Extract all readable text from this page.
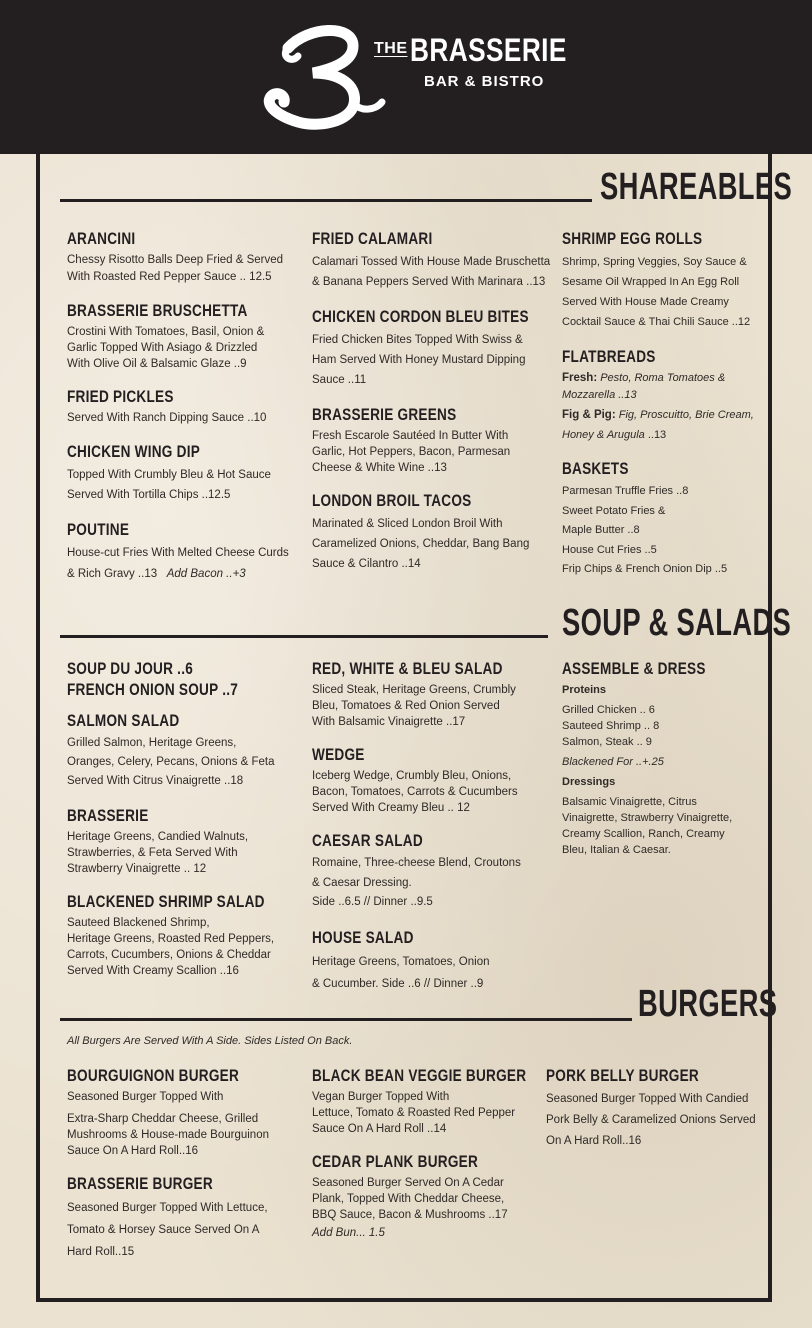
THE BRASSERIE
BAR & BISTRO
SHAREABLES
ARANCINI
Chessy Risotto Balls Deep Fried & Served
With Roasted Red Pepper Sauce .. 12.5
BRASSERIE BRUSCHETTA
Crostini With Tomatoes, Basil, Onion &
Garlic Topped With Asiago & Drizzled
With Olive Oil & Balsamic Glaze ..9
FRIED PICKLES
Served With Ranch Dipping Sauce ..10
CHICKEN WING DIP
Topped With Crumbly Bleu & Hot Sauce
Served With Tortilla Chips ..12.5
POUTINE
House-cut Fries With Melted Cheese Curds
& Rich Gravy ..13 Add Bacon ..+3
FRIED CALAMARI
Calamari Tossed With House Made Bruschetta
& Banana Peppers Served With Marinara ..13
CHICKEN CORDON BLEU BITES
Fried Chicken Bites Topped With Swiss &
Ham Served With Honey Mustard Dipping
Sauce ..11
BRASSERIE GREENS
Fresh Escarole Sautéed In Butter With
Garlic, Hot Peppers, Bacon, Parmesan
Cheese & White Wine ..13
LONDON BROIL TACOS
Marinated & Sliced London Broil With
Caramelized Onions, Cheddar, Bang Bang
Sauce & Cilantro ..14
SHRIMP EGG ROLLS
Shrimp, Spring Veggies, Soy Sauce &
Sesame Oil Wrapped In An Egg Roll
Served With House Made Creamy
Cocktail Sauce & Thai Chili Sauce ..12
FLATBREADS
Fresh: Pesto, Roma Tomatoes &
Mozzarella ..13
Fig & Pig: Fig, Proscuitto, Brie Cream,
Honey & Arugula ..13
BASKETS
Parmesan Truffle Fries ..8
Sweet Potato Fries &
Maple Butter ..8
House Cut Fries ..5
Frip Chips & French Onion Dip ..5
SOUP & SALADS
SOUP DU JOUR ..6
FRENCH ONION SOUP ..7
SALMON SALAD
Grilled Salmon, Heritage Greens,
Oranges, Celery, Pecans, Onions & Feta
Served With Citrus Vinaigrette ..18
BRASSERIE
Heritage Greens, Candied Walnuts,
Strawberries, & Feta Served With
Strawberry Vinaigrette .. 12
BLACKENED SHRIMP SALAD
Sauteed Blackened Shrimp,
Heritage Greens, Roasted Red Peppers,
Carrots, Cucumbers, Onions & Cheddar
Served With Creamy Scallion ..16
RED, WHITE & BLEU SALAD
Sliced Steak, Heritage Greens, Crumbly
Bleu, Tomatoes & Red Onion Served
With Balsamic Vinaigrette ..17
WEDGE
Iceberg Wedge, Crumbly Bleu, Onions,
Bacon, Tomatoes, Carrots & Cucumbers
Served With Creamy Bleu .. 12
CAESAR SALAD
Romaine, Three-cheese Blend, Croutons
& Caesar Dressing.
Side ..6.5 // Dinner ..9.5
HOUSE SALAD
Heritage Greens, Tomatoes, Onion
& Cucumber. Side ..6 // Dinner ..9
ASSEMBLE & DRESS
Proteins
Grilled Chicken .. 6
Sauteed Shrimp .. 8
Salmon, Steak .. 9
Blackened For ..+.25
Dressings
Balsamic Vinaigrette, Citrus
Vinaigrette, Strawberry Vinaigrette,
Creamy Scallion, Ranch, Creamy
Bleu, Italian & Caesar.
BURGERS
All Burgers Are Served With A Side. Sides Listed On Back.
BOURGUIGNON BURGER
Seasoned Burger Topped With
Extra-Sharp Cheddar Cheese, Grilled
Mushrooms & House-made Bourguinon
Sauce On A Hard Roll..16
BRASSERIE BURGER
Seasoned Burger Topped With Lettuce,
Tomato & Horsey Sauce Served On A
Hard Roll..15
BLACK BEAN VEGGIE BURGER
Vegan Burger Topped With
Lettuce, Tomato & Roasted Red Pepper
Sauce On A Hard Roll ..14
CEDAR PLANK BURGER
Seasoned Burger Served On A Cedar
Plank, Topped With Cheddar Cheese,
BBQ Sauce, Bacon & Mushrooms ..17
Add Bun... 1.5
PORK BELLY BURGER
Seasoned Burger Topped With Candied
Pork Belly & Caramelized Onions Served
On A Hard Roll..16
